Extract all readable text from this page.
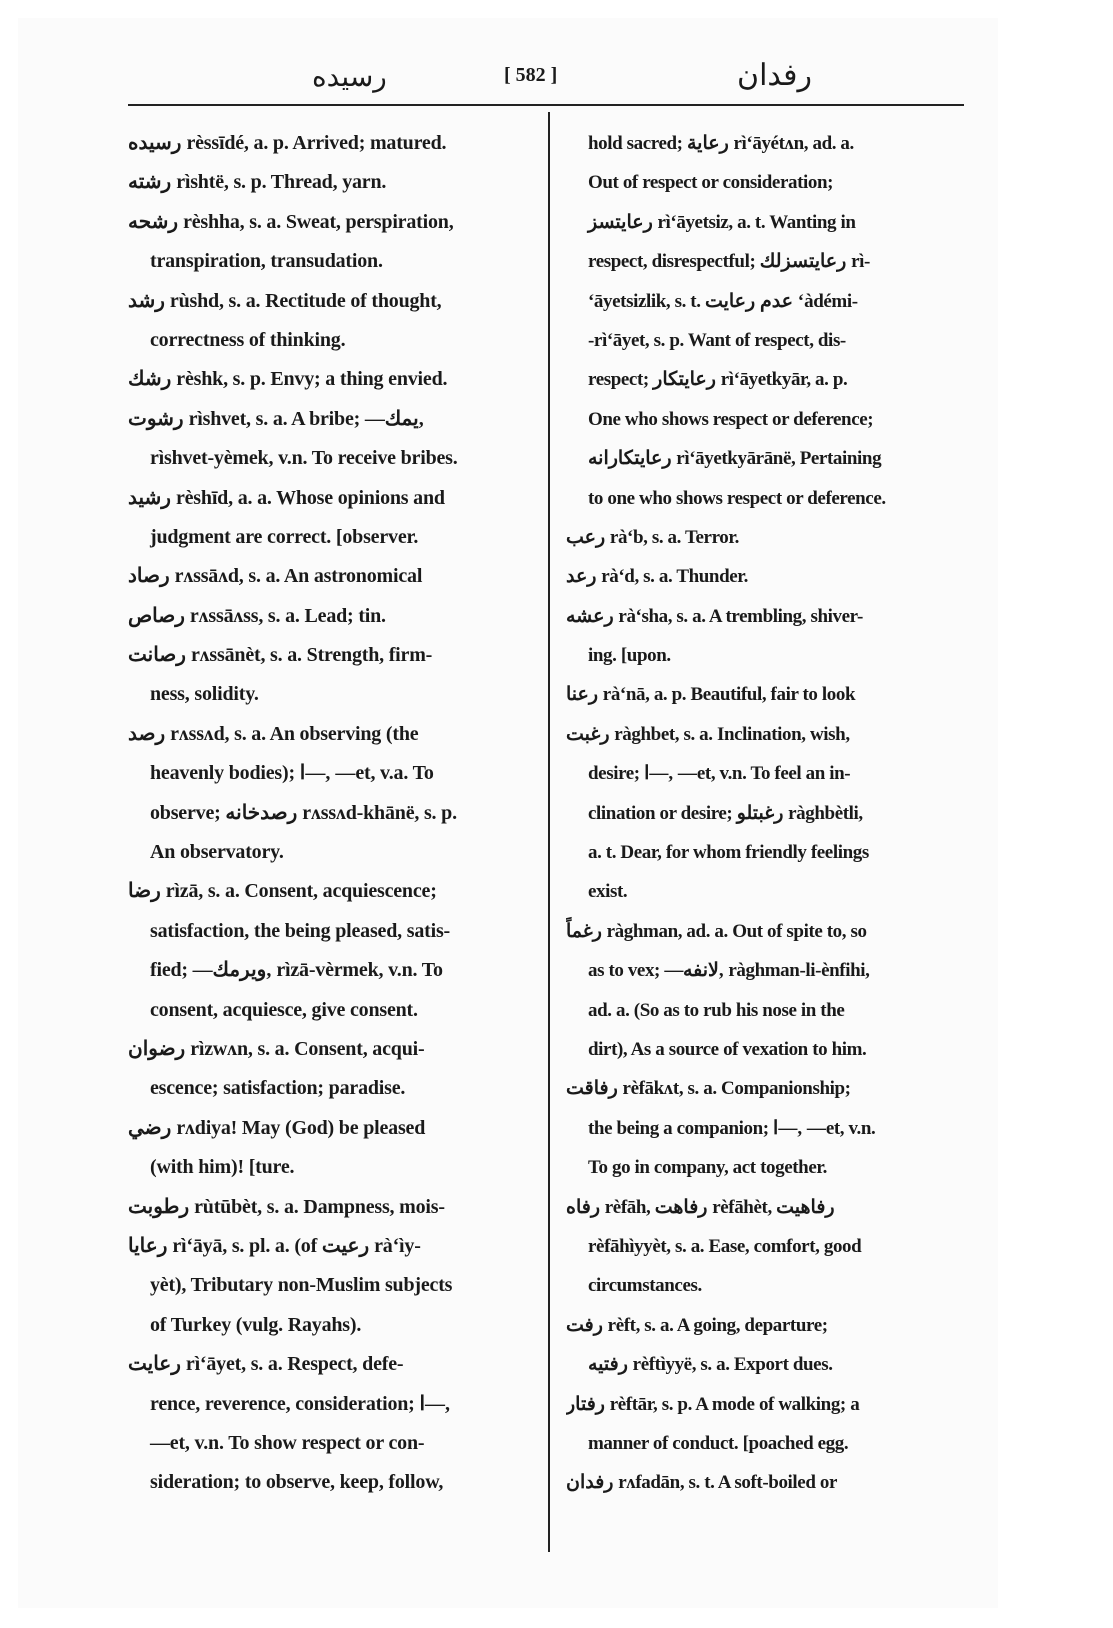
رسيده	[ 582 ]	رفدان
رسيده rèssīdé, a. p. Arrived; matured.
رشته rìshtë, s. p. Thread, yarn.
رشحه rèshha, s. a. Sweat, perspiration,
transpiration, transudation.
رشد rùshd, s. a. Rectitude of thought,
correctness of thinking.
رشك rèshk, s. p. Envy; a thing envied.
رشوت rìshvet, s. a. A bribe; —يمك,
rìshvet-yèmek, v.n. To receive bribes.
رشيد rèshīd, a. a. Whose opinions and
judgment are correct. [observer.
رصاد rʌssāʌd, s. a. An astronomical
رصاص rʌssāʌss, s. a. Lead; tin.
رصانت rʌssānèt, s. a. Strength, firm-
ness, solidity.
رصد rʌssʌd, s. a. An observing (the
heavenly bodies); ا—, —et, v.a. To
observe; رصدخانه rʌssʌd-khānë, s. p.
An observatory.
رضا rìzā, s. a. Consent, acquiescence;
satisfaction, the being pleased, satis-
fied; —ويرمك, rìzā-vèrmek, v.n. To
consent, acquiesce, give consent.
رضوان rìzwʌn, s. a. Consent, acqui-
escence; satisfaction; paradise.
رضي rʌdiya! May (God) be pleased
(with him)! [ture.
رطوبت rùtūbèt, s. a. Dampness, mois-
رعايا rì‘āyā, s. pl. a. (of رعيت rà‘ìy-
yèt), Tributary non-Muslim subjects
of Turkey (vulg. Rayahs).
رعايت rì‘āyet, s. a. Respect, defe-
rence, reverence, consideration; ا—,
—et, v.n. To show respect or con-
sideration; to observe, keep, follow,
hold sacred; رعاية rì‘āyétʌn, ad. a.
Out of respect or consideration;
رعايتسز rì‘āyetsiz, a. t. Wanting in
respect, disrespectful; رعايتسزلك rì-
‘āyetsizlik, s. t. عدم رعايت ‘àdémi-
-rì‘āyet, s. p. Want of respect, dis-
respect; رعايتكار rì‘āyetkyār, a. p.
One who shows respect or deference;
رعايتكارانه rì‘āyetkyārānë, Pertaining
to one who shows respect or deference.
رعب rà‘b, s. a. Terror.
رعد rà‘d, s. a. Thunder.
رعشه rà‘sha, s. a. A trembling, shiver-
ing. [upon.
رعنا rà‘nā, a. p. Beautiful, fair to look
رغبت ràghbet, s. a. Inclination, wish,
desire; ا—, —et, v.n. To feel an in-
clination or desire; رغبتلو ràghbètli,
a. t. Dear, for whom friendly feelings
exist.
رغماً ràghman, ad. a. Out of spite to, so
as to vex; —لانفه, ràghman-li-ènfihi,
ad. a. (So as to rub his nose in the
dirt), As a source of vexation to him.
رفاقت rèfākʌt, s. a. Companionship;
the being a companion; ا—, —et, v.n.
To go in company, act together.
رفاه rèfāh, رفاهت rèfāhèt, رفاهيت
rèfāhìyyèt, s. a. Ease, comfort, good
circumstances.
رفت rèft, s. a. A going, departure;
رفتيه rèftìyyë, s. a. Export dues.
رفتار rèftār, s. p. A mode of walking; a
manner of conduct. [poached egg.
رفدان rʌfadān, s. t. A soft-boiled or
